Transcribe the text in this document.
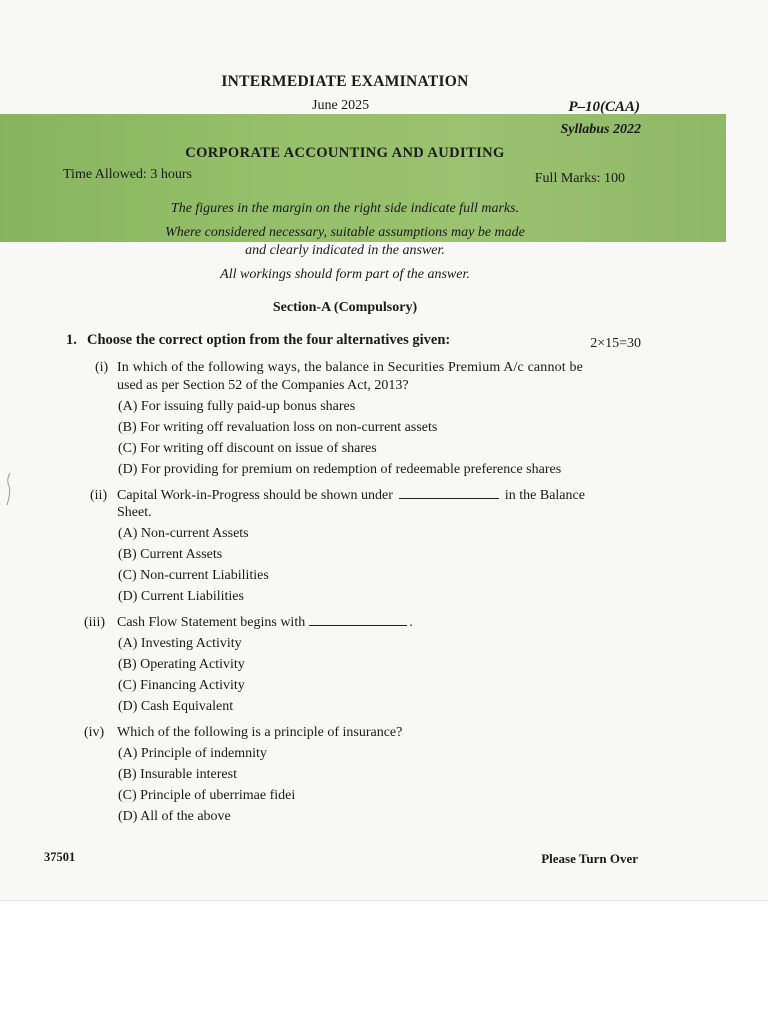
INTERMEDIATE EXAMINATION
June 2025	P–10(CAA)
Syllabus 2022
CORPORATE ACCOUNTING AND AUDITING
Time Allowed: 3 hours	Full Marks: 100
The figures in the margin on the right side indicate full marks.
Where considered necessary, suitable assumptions may be made
and clearly indicated in the answer.
All workings should form part of the answer.
Section-A (Compulsory)
1. Choose the correct option from the four alternatives given:	2×15=30
(i) In which of the following ways, the balance in Securities Premium A/c cannot be
used as per Section 52 of the Companies Act, 2013?
(A) For issuing fully paid-up bonus shares
(B) For writing off revaluation loss on non-current assets
(C) For writing off discount on issue of shares
(D) For providing for premium on redemption of redeemable preference shares
(ii) Capital Work-in-Progress should be shown under	in the Balance
Sheet.
(A) Non-current Assets
(B) Current Assets
(C) Non-current Liabilities
(D) Current Liabilities
(iii) Cash Flow Statement begins with	.
(A) Investing Activity
(B) Operating Activity
(C) Financing Activity
(D) Cash Equivalent
(iv) Which of the following is a principle of insurance?
(A) Principle of indemnity
(B) Insurable interest
(C) Principle of uberrimae fidei
(D) All of the above
37501	Please Turn Over
